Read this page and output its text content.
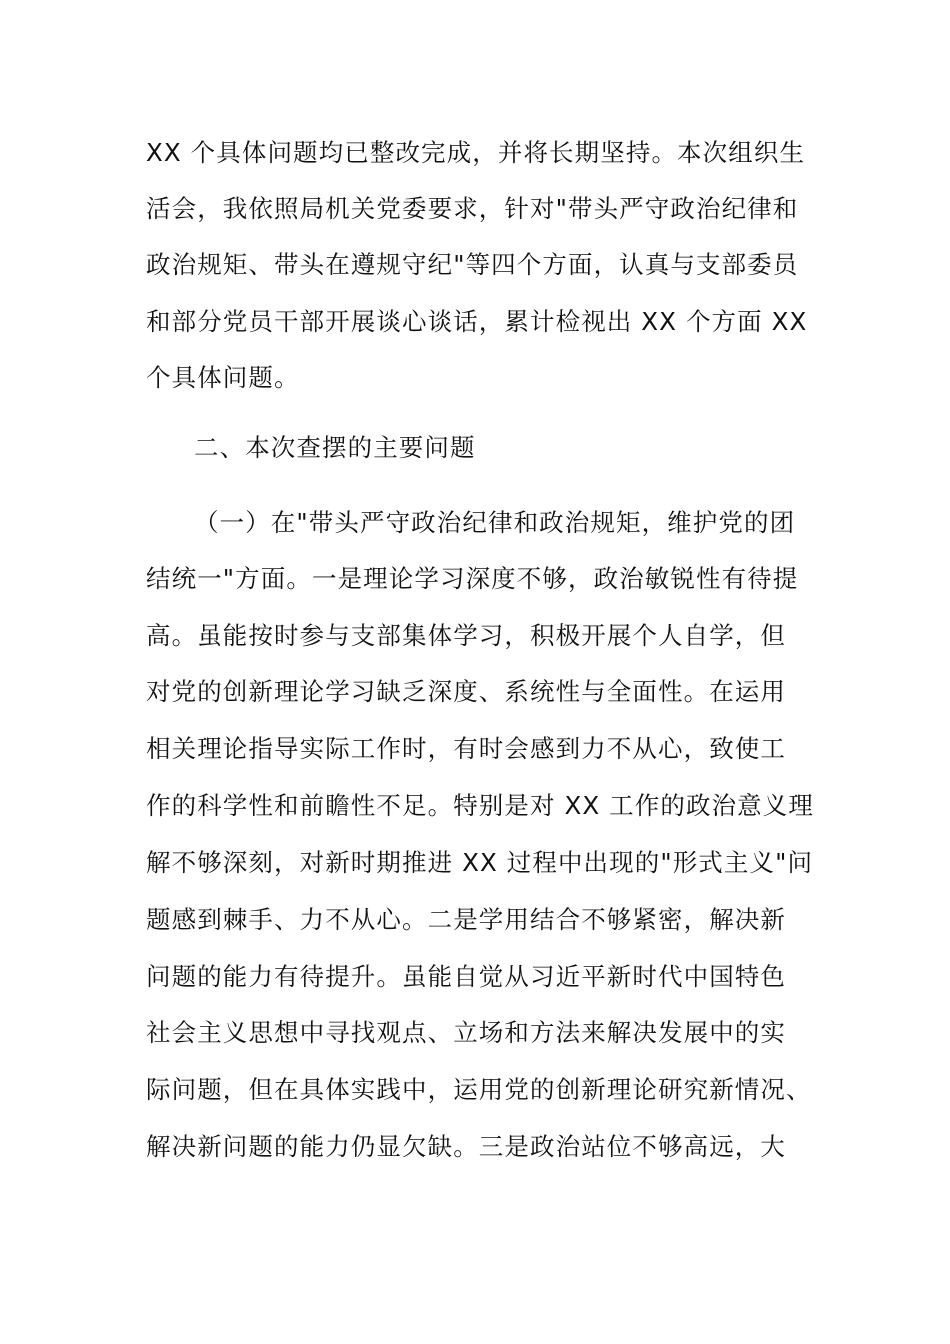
XX 个具体问题均已整改完成，并将长期坚持。本次组织生
活会，我依照局机关党委要求，针对"带头严守政治纪律和
政治规矩、带头在遵规守纪"等四个方面，认真与支部委员
和部分党员干部开展谈心谈话，累计检视出 XX 个方面 XX
个具体问题。
二、本次查摆的主要问题
（一）在"带头严守政治纪律和政治规矩，维护党的团
结统一"方面。一是理论学习深度不够，政治敏锐性有待提
高。虽能按时参与支部集体学习，积极开展个人自学，但
对党的创新理论学习缺乏深度、系统性与全面性。在运用
相关理论指导实际工作时，有时会感到力不从心，致使工
作的科学性和前瞻性不足。特别是对 XX 工作的政治意义理
解不够深刻，对新时期推进 XX 过程中出现的"形式主义"问
题感到棘手、力不从心。二是学用结合不够紧密，解决新
问题的能力有待提升。虽能自觉从习近平新时代中国特色
社会主义思想中寻找观点、立场和方法来解决发展中的实
际问题，但在具体实践中，运用党的创新理论研究新情况、
解决新问题的能力仍显欠缺。三是政治站位不够高远，大
